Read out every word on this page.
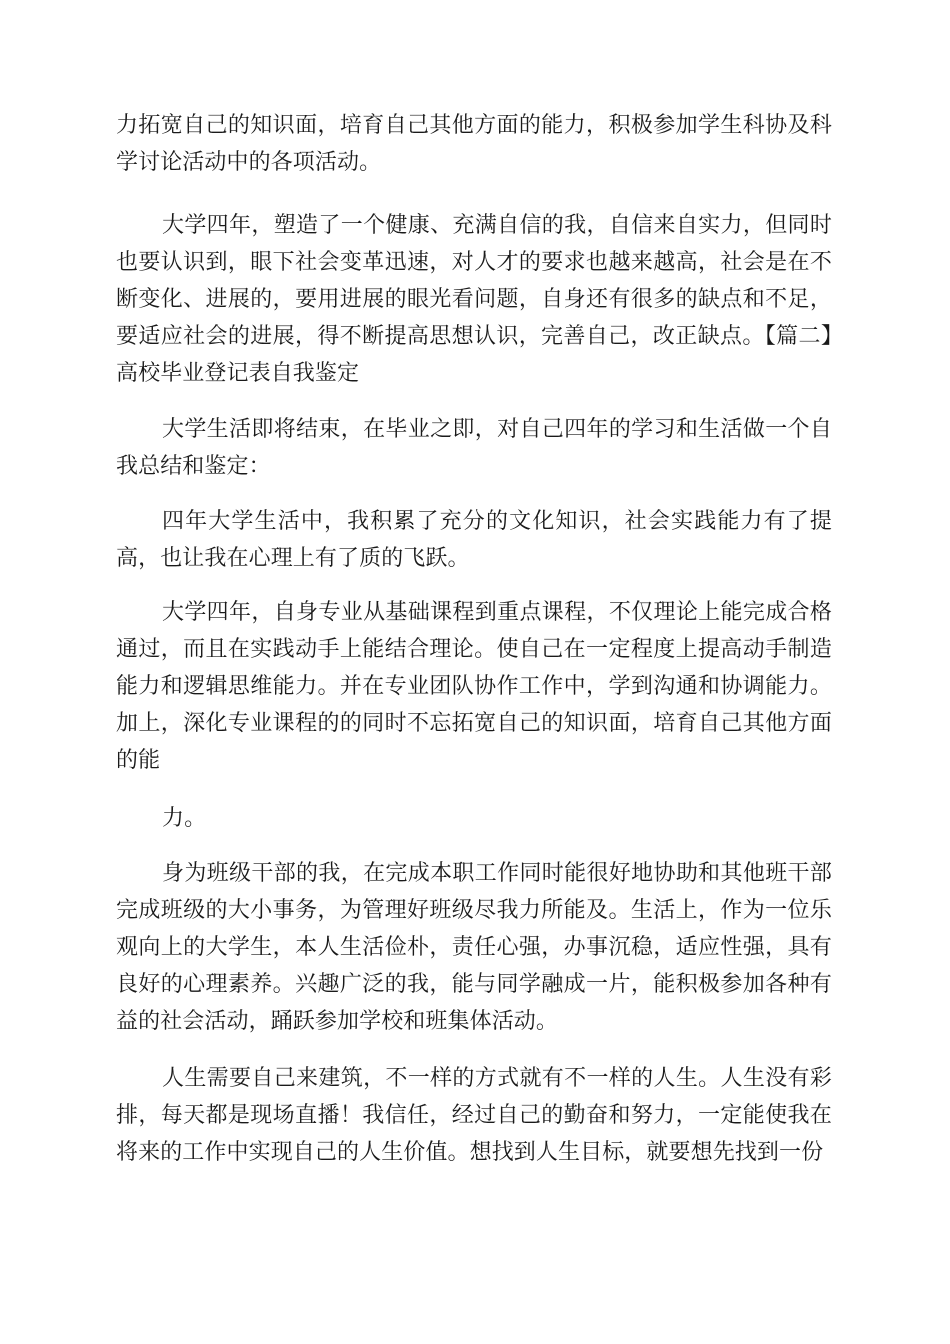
力拓宽自己的知识面，培育自己其他方面的能力，积极参加学生科协及科学讨论活动中的各项活动。

大学四年，塑造了一个健康、充满自信的我，自信来自实力，但同时也要认识到，眼下社会变革迅速，对人才的要求也越来越高，社会是在不断变化、进展的，要用进展的眼光看问题，自身还有很多的缺点和不足，要适应社会的进展，得不断提高思想认识，完善自己，改正缺点。【篇二】高校毕业登记表自我鉴定

大学生活即将结束，在毕业之即，对自己四年的学习和生活做一个自我总结和鉴定：

四年大学生活中，我积累了充分的文化知识，社会实践能力有了提高，也让我在心理上有了质的飞跃。

大学四年，自身专业从基础课程到重点课程，不仅理论上能完成合格通过，而且在实践动手上能结合理论。使自己在一定程度上提高动手制造能力和逻辑思维能力。并在专业团队协作工作中，学到沟通和协调能力。加上，深化专业课程的的同时不忘拓宽自己的知识面，培育自己其他方面的能

力。

身为班级干部的我，在完成本职工作同时能很好地协助和其他班干部完成班级的大小事务，为管理好班级尽我力所能及。生活上，作为一位乐观向上的大学生，本人生活俭朴，责任心强，办事沉稳，适应性强，具有良好的心理素养。兴趣广泛的我，能与同学融成一片，能积极参加各种有益的社会活动，踊跃参加学校和班集体活动。

人生需要自己来建筑，不一样的方式就有不一样的人生。人生没有彩排，每天都是现场直播！我信任，经过自己的勤奋和努力，一定能使我在将来的工作中实现自己的人生价值。想找到人生目标，就要想先找到一份
